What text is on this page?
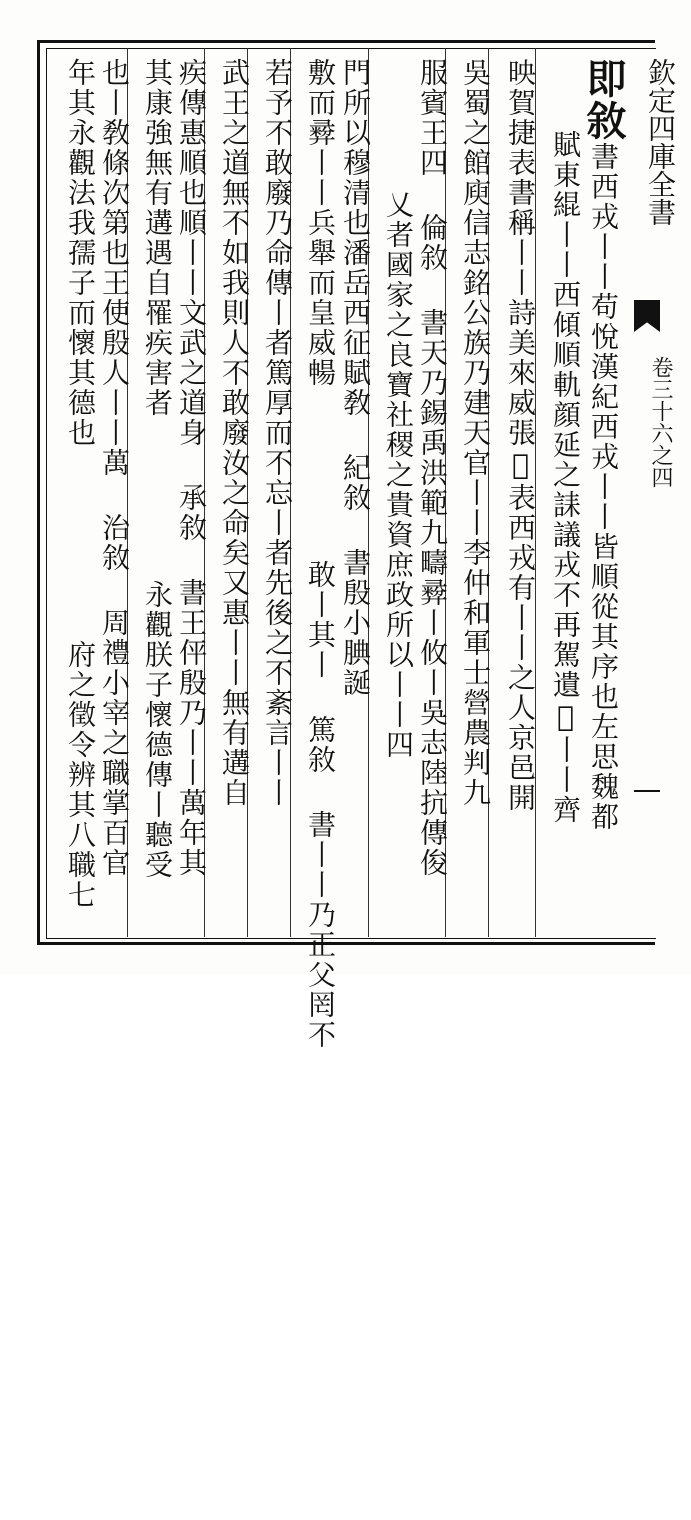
欽定四庫全書卷三十六之四
即敘書西戎丨丨苟悅漢紀西戎丨丨皆順從其序也左思魏都
賦東緄丨丨西傾順軌顔延之誄議戎不再駕遺𫀕丨丨齊
映賀捷表書稱丨丨詩美來威張𨺚表西戎有丨丨之人京邑開
吳蜀之館庾信志銘公族乃建天官丨丨李仲和軍士營農判九
服賓王四 倫敘 書天乃錫禹洪範九疇彛丨攸丨吳志陸抗傳俊
乂者國家之良寶社稷之貴資庶政所以丨丨四
門所以穆清也潘岳西征賦敎 紀敘 書殷小腆誕
敢丨其丨 篤敘 書丨丨乃正父罔不
敷而彛丨丨兵舉而皇威暢
若予不敢廢乃命傳丨者篤厚而不忘丨者先後之不紊言丨丨
武王之道無不如我則人不敢廢汝之命矣又惠丨丨無有遘自
疾傳惠順也順丨丨文武之道身 承敘 書王伻殷乃丨丨萬年其
永觀朕子懷德傳丨聽受
其康強無有遘遇自罹疾害者
也丨敎條次第也王使殷人丨丨萬 治敘 周禮小宰之職掌百官
府之徵令辨其八職七
年其永觀法我孺子而懷其德也
